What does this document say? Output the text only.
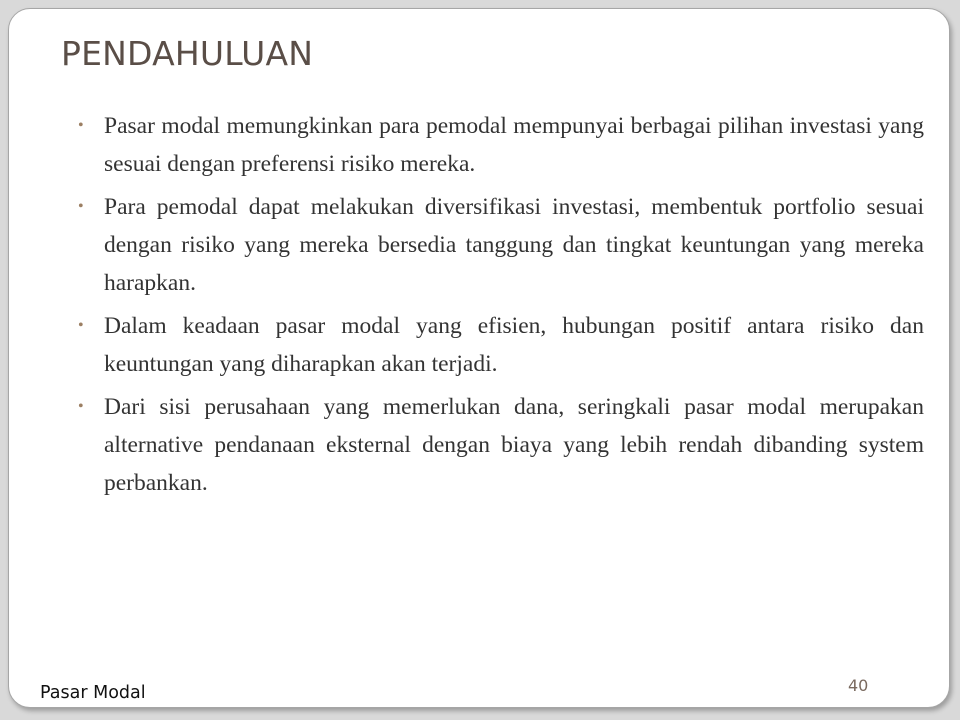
PENDAHULUAN
• Pasar modal memungkinkan para pemodal mempunyai berbagai pilihan investasi yang sesuai dengan preferensi risiko mereka.
• Para pemodal dapat melakukan diversifikasi investasi, membentuk portfolio sesuai dengan risiko yang mereka bersedia tanggung dan tingkat keuntungan yang mereka harapkan.
• Dalam keadaan pasar modal yang efisien, hubungan positif antara risiko dan keuntungan yang diharapkan akan terjadi.
• Dari sisi perusahaan yang memerlukan dana, seringkali pasar modal merupakan alternative pendanaan eksternal dengan biaya yang lebih rendah dibanding system perbankan.

Pasar Modal	40
